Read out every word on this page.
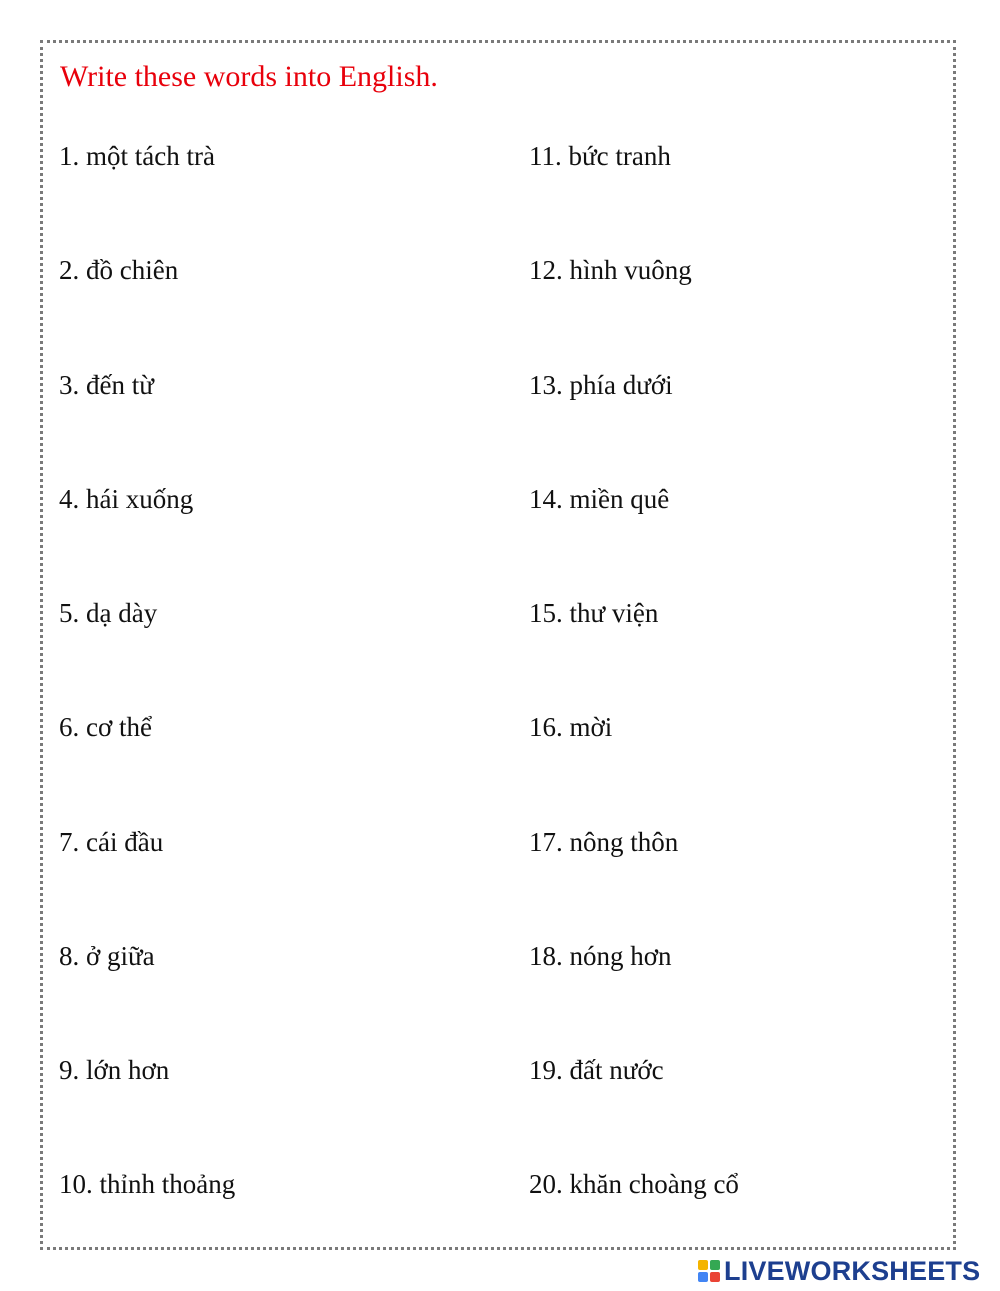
Write these words into English.
1. một tách trà
2. đồ chiên
3. đến từ
4. hái xuống
5. dạ dày
6. cơ thể
7. cái đầu
8. ở giữa
9. lớn hơn
10. thỉnh thoảng
11. bức tranh
12. hình vuông
13. phía dưới
14. miền quê
15. thư viện
16. mời
17. nông thôn
18. nóng hơn
19. đất nước
20. khăn choàng cổ
LIVEWORKSHEETS
